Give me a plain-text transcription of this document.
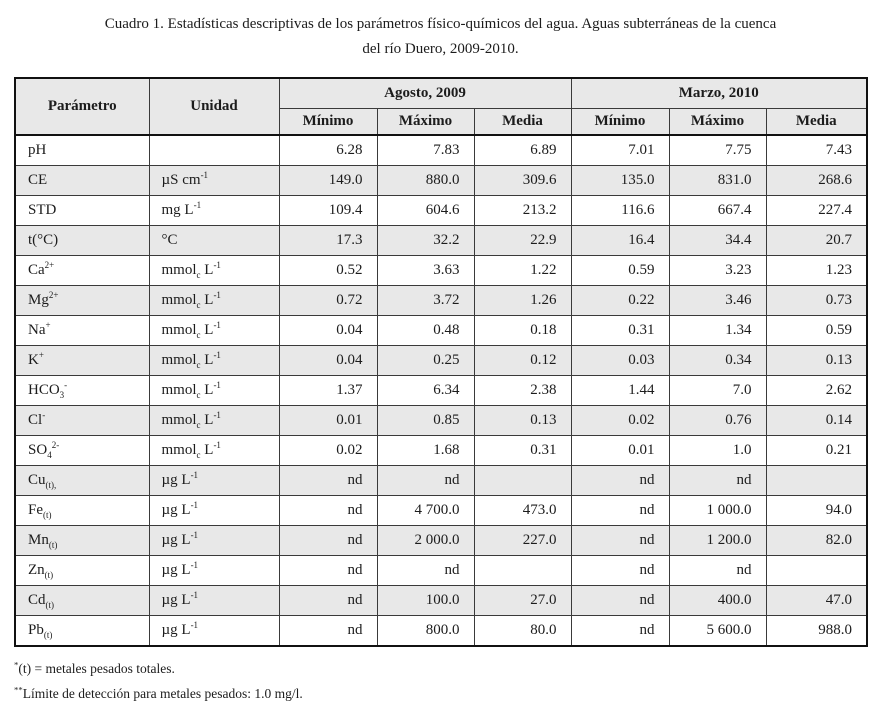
Cuadro 1. Estadísticas descriptivas de los parámetros físico-químicos del agua. Aguas subterráneas de la cuenca
del río Duero, 2009-2010.
Parámetro	Unidad	Agosto, 2009			Marzo, 2010		
		Mínimo	Máximo	Media	Mínimo	Máximo	Media
pH		6.28	7.83	6.89	7.01	7.75	7.43
CE	µS $cm^{-1}$	149.0	880.0	309.6	135.0	831.0	268.6
STD	mg $L^{-1}$	109.4	604.6	213.2	116.6	667.4	227.4
t(°C)	°C	17.3	32.2	22.9	16.4	34.4	20.7
$Ca^{2+}$	mmol$_c$ $L^{-1}$	0.52	3.63	1.22	0.59	3.23	1.23
$Mg^{2+}$	mmol$_c$ $L^{-1}$	0.72	3.72	1.26	0.22	3.46	0.73
Na+	mmol$_c$ $L^{-1}$	0.04	0.48	0.18	0.31	1.34	0.59
K+	mmol$_c$ $L^{-1}$	0.04	0.25	0.12	0.03	0.34	0.13
$HCO_3^-$	mmol$_c$ $L^{-1}$	1.37	6.34	2.38	1.44	7.0	2.62
Cl-	mmol$_c$ $L^{-1}$	0.01	0.85	0.13	0.02	0.76	0.14
$SO_4^{2-}$	mmol$_c$ $L^{-1}$	0.02	1.68	0.31	0.01	1.0	0.21
$Cu_{(t),}$	µg $L^{-1}$	nd	nd		nd	nd	
$Fe_{(t)}$	µg $L^{-1}$	nd	4 700.0	473.0	nd	1 000.0	94.0
$Mn_{(t)}$	µg $L^{-1}$	nd	2 000.0	227.0	nd	1 200.0	82.0
$Zn_{(t)}$	µg $L^{-1}$	nd	nd		nd	nd	
$Cd_{(t)}$	µg $L^{-1}$	nd	100.0	27.0	nd	400.0	47.0
$Pb_{(t)}$	µg $L^{-1}$	nd	800.0	80.0	nd	5 600.0	988.0
*(t) = metales pesados totales.
**Límite de detección para metales pesados: 1.0 mg/l.
